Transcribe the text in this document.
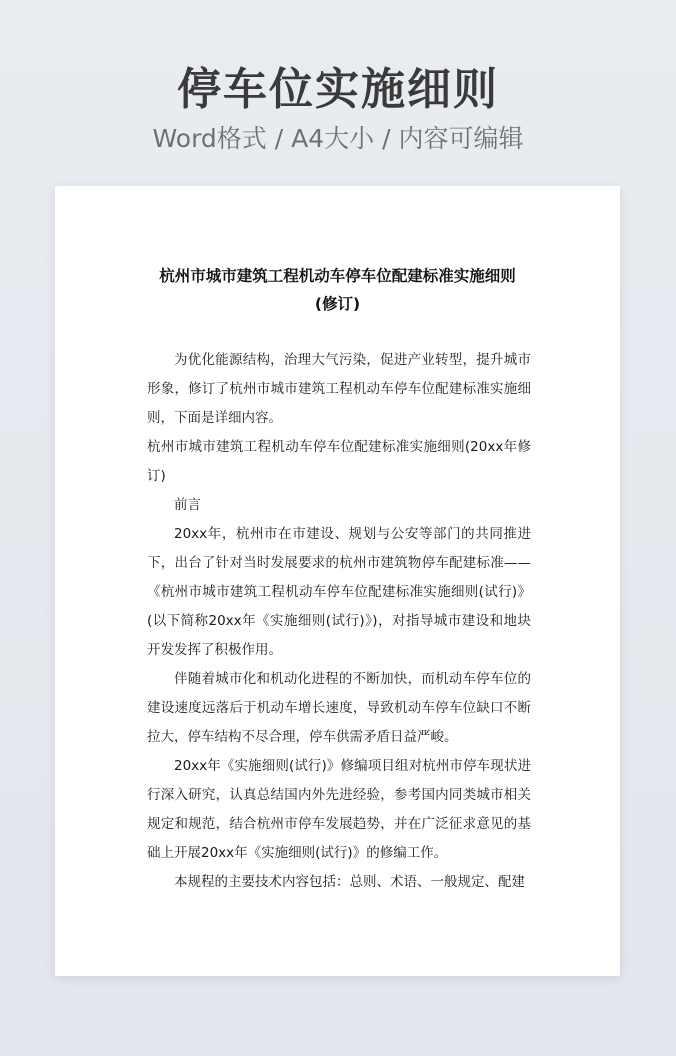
停车位实施细则
Word格式 / A4大小 / 内容可编辑
杭州市城市建筑工程机动车停车位配建标准实施细则
(修订)

为优化能源结构，治理大气污染，促进产业转型，提升城市形象，修订了杭州市城市建筑工程机动车停车位配建标准实施细则，下面是详细内容。

杭州市城市建筑工程机动车停车位配建标准实施细则(20xx年修订)

前言

20xx年，杭州市在市建设、规划与公安等部门的共同推进下，出台了针对当时发展要求的杭州市建筑物停车配建标准——《杭州市城市建筑工程机动车停车位配建标准实施细则(试行)》(以下简称20xx年《实施细则(试行)》)，对指导城市建设和地块开发发挥了积极作用。

伴随着城市化和机动化进程的不断加快，而机动车停车位的建设速度远落后于机动车增长速度，导致机动车停车位缺口不断拉大，停车结构不尽合理，停车供需矛盾日益严峻。

20xx年《实施细则(试行)》修编项目组对杭州市停车现状进行深入研究，认真总结国内外先进经验，参考国内同类城市相关规定和规范，结合杭州市停车发展趋势，并在广泛征求意见的基础上开展20xx年《实施细则(试行)》的修编工作。

本规程的主要技术内容包括：总则、术语、一般规定、配建
